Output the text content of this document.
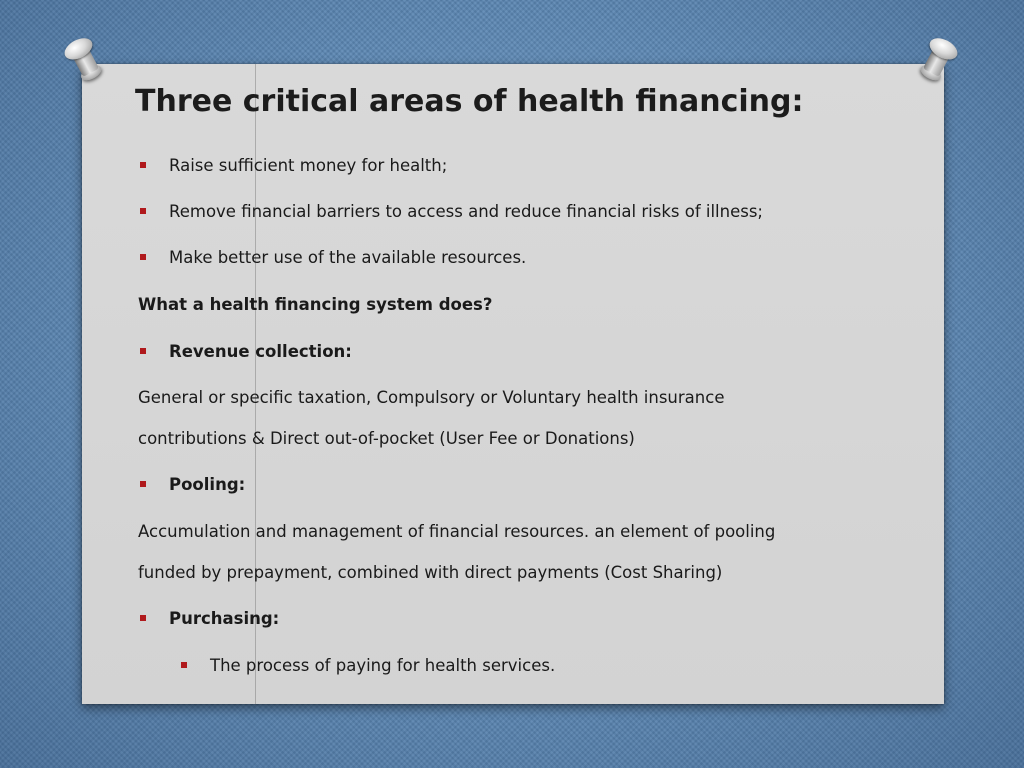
Three critical areas of health financing:
Raise sufficient money for health;
Remove financial barriers to access and reduce financial risks of illness;
Make better use of the available resources.
What a health financing system does?
Revenue collection:
General or specific taxation, Compulsory or Voluntary health insurance
contributions & Direct out-of-pocket (User Fee or Donations)
Pooling:
Accumulation and management of financial resources. an element of pooling
funded by prepayment, combined with direct payments (Cost Sharing)
Purchasing:
The process of paying for health services.
